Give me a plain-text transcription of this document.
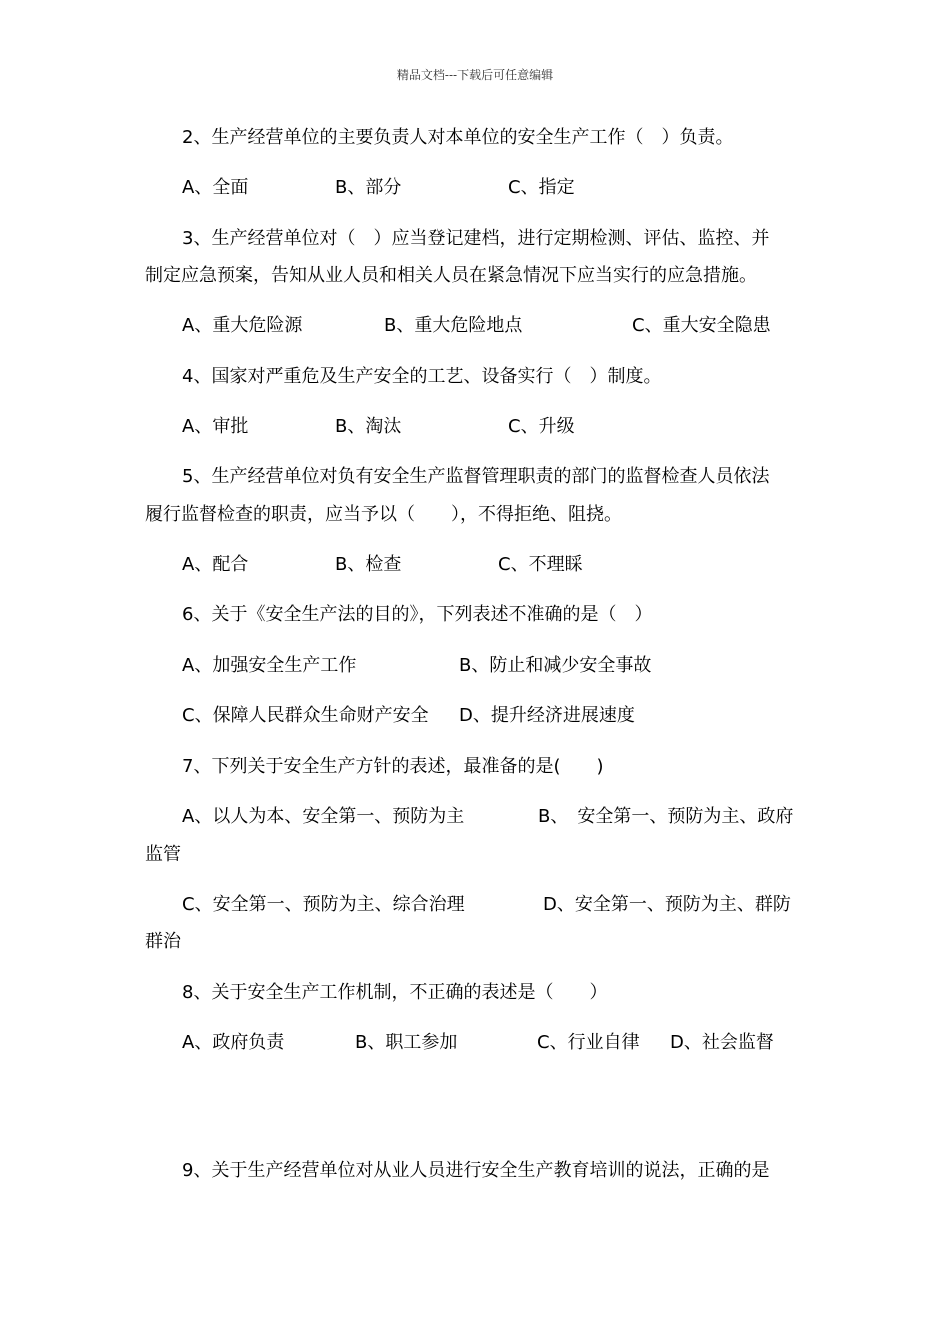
精品文档---下载后可任意编辑
2、生产经营单位的主要负责人对本单位的安全生产工作（　）负责。
A、全面	B、部分	C、指定
3、生产经营单位对（　）应当登记建档，进行定期检测、评估、监控、并
制定应急预案，告知从业人员和相关人员在紧急情况下应当实行的应急措施。
A、重大危险源	B、重大危险地点	C、重大安全隐患
4、国家对严重危及生产安全的工艺、设备实行（　）制度。
A、审批	B、淘汰	C、升级
5、生产经营单位对负有安全生产监督管理职责的部门的监督检查人员依法
履行监督检查的职责，应当予以（　　），不得拒绝、阻挠。
A、配合	B、检查	C、不理睬
6、关于《安全生产法的目的》，下列表述不准确的是（　）
A、加强安全生产工作	B、防止和减少安全事故
C、保障人民群众生命财产安全 D、提升经济进展速度
7、下列关于安全生产方针的表述，最准备的是(　　)
A、以人为本、安全第一、预防为主	B、　安全第一、预防为主、政府
监管
C、安全第一、预防为主、综合治理	D、安全第一、预防为主、群防
群治
8、关于安全生产工作机制，不正确的表述是（　　）
A、政府负责	B、职工参加	C、行业自律 D、社会监督
9、关于生产经营单位对从业人员进行安全生产教育培训的说法，正确的是
